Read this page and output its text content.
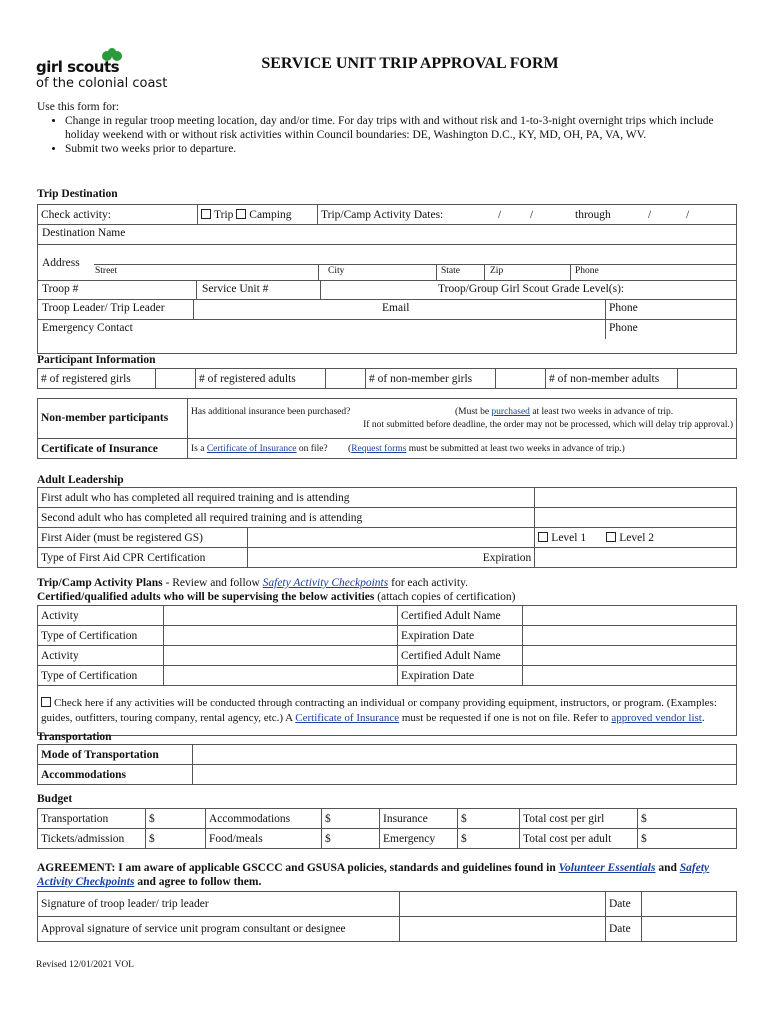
girl scouts
of the colonial coast
SERVICE UNIT TRIP APPROVAL FORM
Use this form for:
• Change in regular troop meeting location, day and/or time. For day trips with and without risk and 1-to-3-night overnight trips which include holiday weekend with or without risk activities within Council boundaries: DE, Washington D.C., KY, MD, OH, PA, VA, WV.
• Submit two weeks prior to departure.
Trip Destination
Check activity:	Trip Camping	Trip/Camp Activity Dates:	/	/	through	/	/
Destination Name
Address
Street	City	State	Zip	Phone
Troop #	Service Unit #	Troop/Group Girl Scout Grade Level(s):
Troop Leader/ Trip Leader	Email	Phone
Emergency Contact	Phone
Participant Information
# of registered girls		# of registered adults		# of non-member girls		# of non-member adults	
Non-member participants	Has additional insurance been purchased? (Must be purchased at least two weeks in advance of trip.
If not submitted before deadline, the order may not be processed, which will delay trip approval.)

Certificate of Insurance	Is a Certificate of Insurance on file? (Request forms must be submitted at least two weeks in advance of trip.)
Adult Leadership
First adult who has completed all required training and is attending		
Second adult who has completed all required training and is attending		
First Aider (must be registered GS)		Level 1 Level 2
Type of First Aid CPR Certification	Expiration	
Trip/Camp Activity Plans - Review and follow Safety Activity Checkpoints for each activity.
Certified/qualified adults who will be supervising the below activities (attach copies of certification)
Activity		Certified Adult Name	
Type of Certification		Expiration Date	
Activity		Certified Adult Name	
Type of Certification		Expiration Date	
Check here if any activities will be conducted through contracting an individual or company providing equipment, instructors, or program. (Examples: guides, outfitters, touring company, rental agency, etc.) A Certificate of Insurance must be requested if one is not on file. Refer to approved vendor list.			
Transportation
Mode of Transportation	
Accommodations	
Budget
Transportation	$	Accommodations	$	Insurance	$	Total cost per girl	$
Tickets/admission	$	Food/meals	$	Emergency	$	Total cost per adult	$
AGREEMENT: I am aware of applicable GSCCC and GSUSA policies, standards and guidelines found in Volunteer Essentials and Safety Activity Checkpoints and agree to follow them.
Signature of troop leader/ trip leader		Date	
Approval signature of service unit program consultant or designee		Date	
Revised 12/01/2021 VOL
